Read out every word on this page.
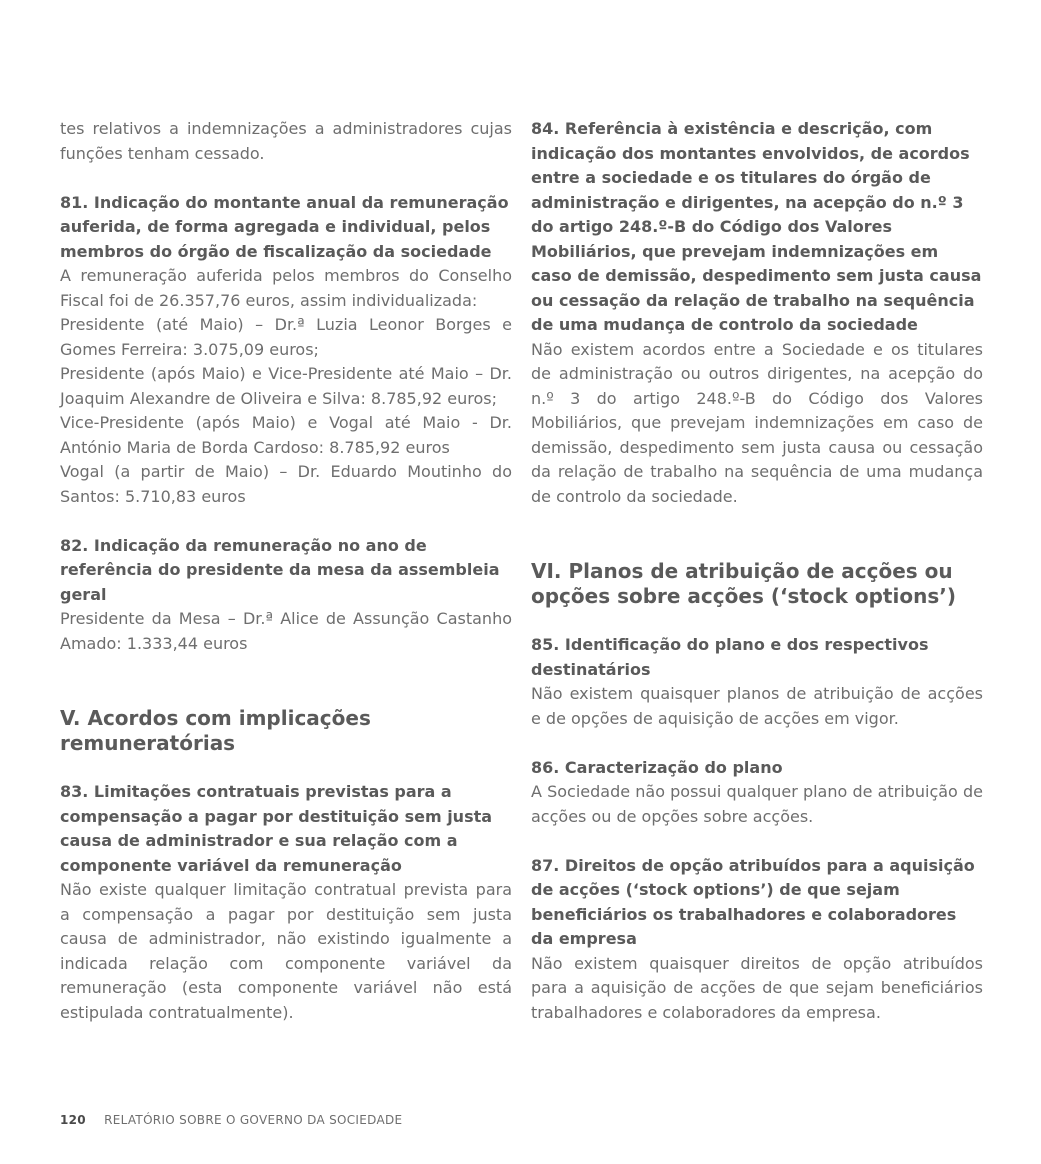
tes relativos a indemnizações a administradores cujas funções tenham cessado.

81. Indicação do montante anual da remuneração auferida, de forma agregada e individual, pelos membros do órgão de fiscalização da sociedade

A remuneração auferida pelos membros do Conselho Fiscal foi de 26.357,76 euros, assim individualizada:

Presidente (até Maio) – Dr.ª Luzia Leonor Borges e Gomes Ferreira: 3.075,09 euros;

Presidente (após Maio) e Vice-Presidente até Maio – Dr. Joaquim Alexandre de Oliveira e Silva: 8.785,92 euros;

Vice-Presidente (após Maio) e Vogal até Maio - Dr. António Maria de Borda Cardoso: 8.785,92 euros

Vogal (a partir de Maio) – Dr. Eduardo Moutinho do Santos: 5.710,83 euros

82. Indicação da remuneração no ano de referência do presidente da mesa da assembleia geral

Presidente da Mesa – Dr.ª Alice de Assunção Castanho Amado: 1.333,44 euros

V. Acordos com implicações remuneratórias

83. Limitações contratuais previstas para a compensação a pagar por destituição sem justa causa de administrador e sua relação com a componente variável da remuneração

Não existe qualquer limitação contratual prevista para a compensação a pagar por destituição sem justa causa de administrador, não existindo igualmente a indicada relação com componente variável da remuneração (esta componente variável não está estipulada contratualmente).

84. Referência à existência e descrição, com indicação dos montantes envolvidos, de acordos entre a sociedade e os titulares do órgão de administração e dirigentes, na acepção do n.º 3 do artigo 248.º-B do Código dos Valores Mobiliários, que prevejam indemnizações em caso de demissão, despedimento sem justa causa ou cessação da relação de trabalho na sequência de uma mudança de controlo da sociedade

Não existem acordos entre a Sociedade e os titulares de administração ou outros dirigentes, na acepção do n.º 3 do artigo 248.º-B do Código dos Valores Mobiliários, que prevejam indemnizações em caso de demissão, despedimento sem justa causa ou cessação da relação de trabalho na sequência de uma mudança de controlo da sociedade.

VI. Planos de atribuição de acções ou opções sobre acções (‘stock options’)

85. Identificação do plano e dos respectivos destinatários

Não existem quaisquer planos de atribuição de acções e de opções de aquisição de acções em vigor.

86. Caracterização do plano

A Sociedade não possui qualquer plano de atribuição de acções ou de opções sobre acções.

87. Direitos de opção atribuídos para a aquisição de acções (‘stock options’) de que sejam beneficiários os trabalhadores e colaboradores da empresa

Não existem quaisquer direitos de opção atribuídos para a aquisição de acções de que sejam beneficiários trabalhadores e colaboradores da empresa.

120 RELATÓRIO SOBRE O GOVERNO DA SOCIEDADE
